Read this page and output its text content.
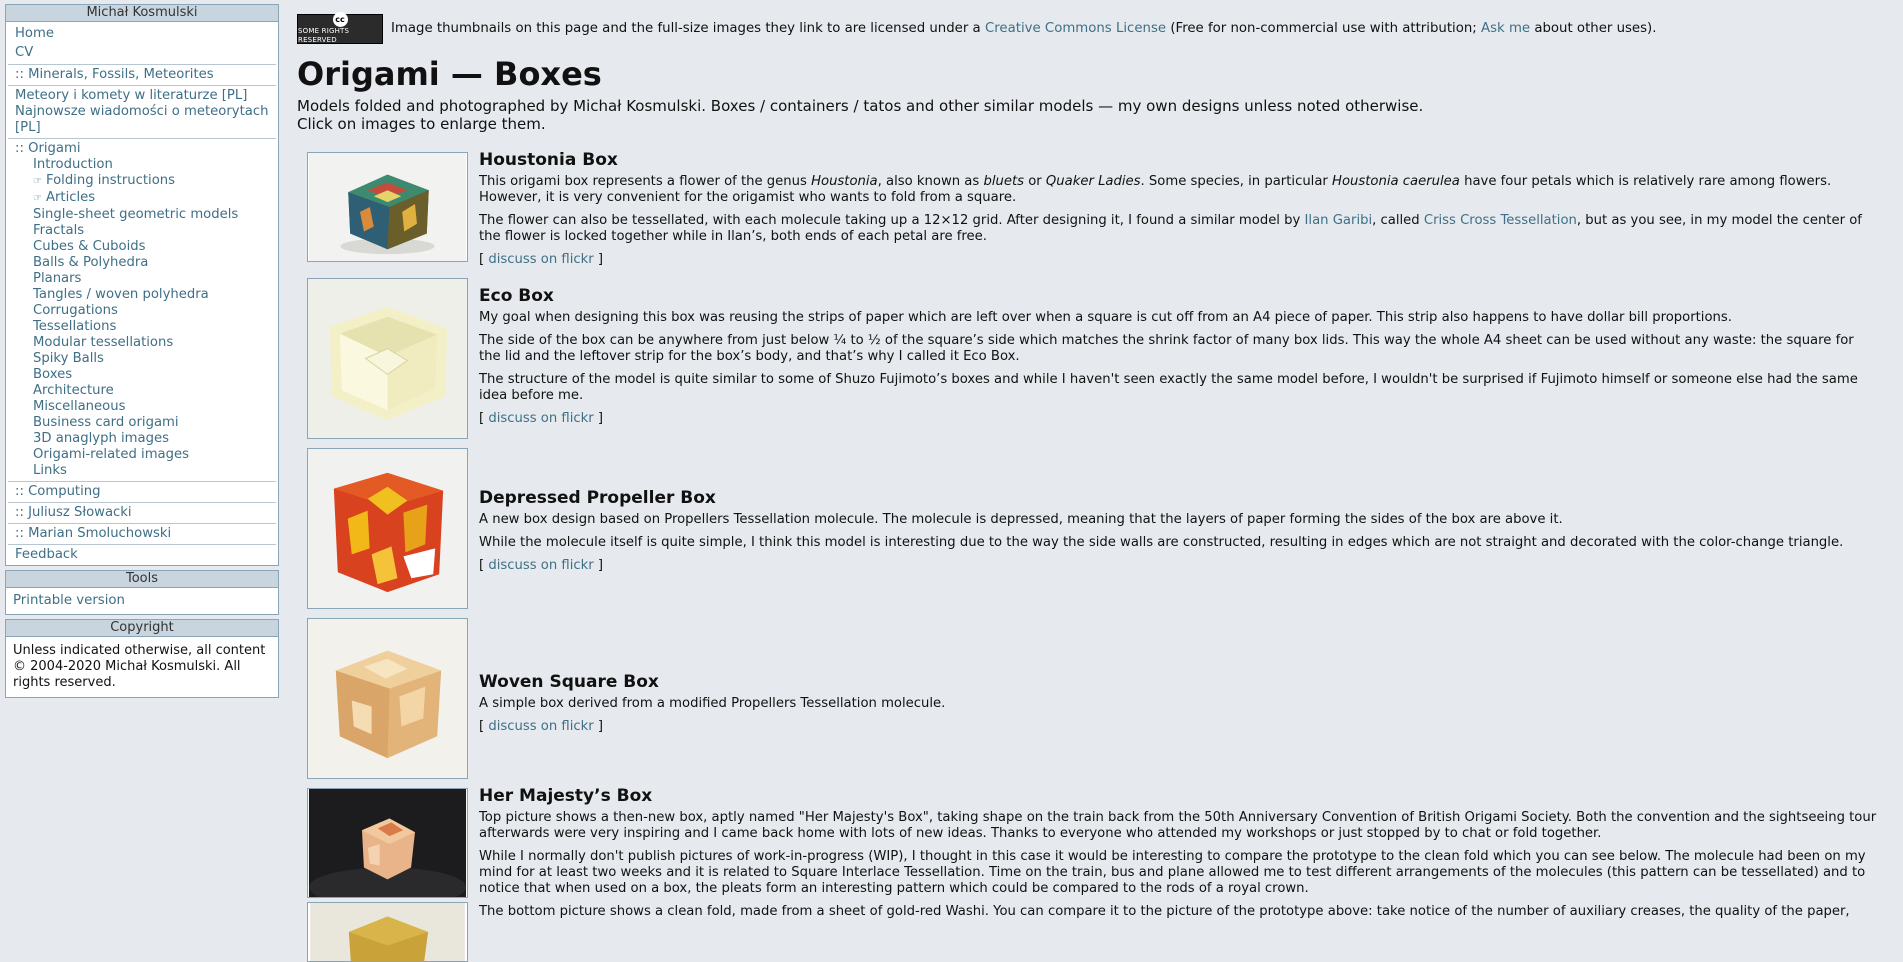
Michał Kosmulski
Home
CV
:: Minerals, Fossils, Meteorites
Meteory i komety w literaturze [PL]
Najnowsze wiadomości o meteorytach [PL]
:: Origami
Introduction
☞ Folding instructions
☞ Articles
Single-sheet geometric models
Fractals
Cubes & Cuboids
Balls & Polyhedra
Planars
Tangles / woven polyhedra
Corrugations
Tessellations
Modular tessellations
Spiky Balls
Boxes
Architecture
Miscellaneous
Business card origami
3D anaglyph images
Origami-related images
Links
:: Computing
:: Juliusz Słowacki
:: Marian Smoluchowski
Feedback
Tools
Printable version
Copyright
Unless indicated otherwise, all content © 2004-2020 Michał Kosmulski. All rights reserved.
cc
SOME RIGHTS RESERVED
Image thumbnails on this page and the full-size images they link to are licensed under a Creative Commons License (Free for non-commercial use with attribution; Ask me about other uses).
Origami — Boxes
Models folded and photographed by Michał Kosmulski. Boxes / containers / tatos and other similar models — my own designs unless noted otherwise.
Click on images to enlarge them.
Houstonia Box

This origami box represents a flower of the genus Houstonia, also known as bluets or Quaker Ladies. Some species, in particular Houstonia caerulea have four petals which is relatively rare among flowers. However, it is very convenient for the origamist who wants to fold from a square.

The flower can also be tessellated, with each molecule taking up a 12×12 grid. After designing it, I found a similar model by Ilan Garibi, called Criss Cross Tessellation, but as you see, in my model the center of the flower is locked together while in Ilan’s, both ends of each petal are free.

[ discuss on flickr ]
Eco Box

My goal when designing this box was reusing the strips of paper which are left over when a square is cut off from an A4 piece of paper. This strip also happens to have dollar bill proportions.

The side of the box can be anywhere from just below ¼ to ½ of the square’s side which matches the shrink factor of many box lids. This way the whole A4 sheet can be used without any waste: the square for the lid and the leftover strip for the box’s body, and that’s why I called it Eco Box.

The structure of the model is quite similar to some of Shuzo Fujimoto’s boxes and while I haven't seen exactly the same model before, I wouldn't be surprised if Fujimoto himself or someone else had the same idea before me.

[ discuss on flickr ]
Depressed Propeller Box

A new box design based on Propellers Tessellation molecule. The molecule is depressed, meaning that the layers of paper forming the sides of the box are above it.

While the molecule itself is quite simple, I think this model is interesting due to the way the side walls are constructed, resulting in edges which are not straight and decorated with the color-change triangle.

[ discuss on flickr ]
Woven Square Box

A simple box derived from a modified Propellers Tessellation molecule.

[ discuss on flickr ]
Her Majesty’s Box

Top picture shows a then-new box, aptly named "Her Majesty's Box", taking shape on the train back from the 50th Anniversary Convention of British Origami Society. Both the convention and the sightseeing tour afterwards were very inspiring and I came back home with lots of new ideas. Thanks to everyone who attended my workshops or just stopped by to chat or fold together.

While I normally don't publish pictures of work-in-progress (WIP), I thought in this case it would be interesting to compare the prototype to the clean fold which you can see below. The molecule had been on my mind for at least two weeks and it is related to Square Interlace Tessellation. Time on the train, bus and plane allowed me to test different arrangements of the molecules (this pattern can be tessellated) and to notice that when used on a box, the pleats form an interesting pattern which could be compared to the rods of a royal crown.

The bottom picture shows a clean fold, made from a sheet of gold-red Washi. You can compare it to the picture of the prototype above: take notice of the number of auxiliary creases, the quality of the paper,
